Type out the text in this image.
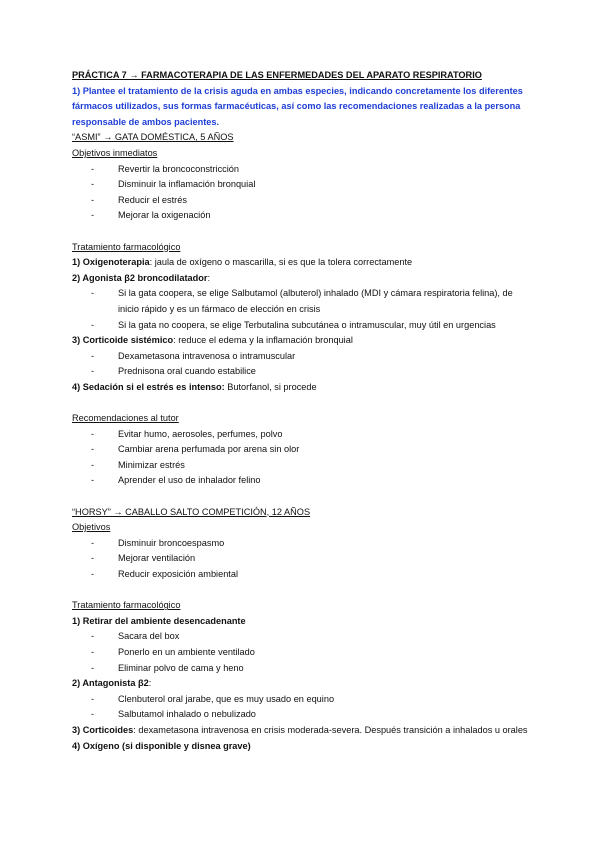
PRÁCTICA 7 → FARMACOTERAPIA DE LAS ENFERMEDADES DEL APARATO RESPIRATORIO
1) Plantee el tratamiento de la crisis aguda en ambas especies, indicando concretamente los diferentes fármacos utilizados, sus formas farmacéuticas, así como las recomendaciones realizadas a la persona responsable de ambos pacientes.
“ASMI” → GATA DOMÉSTICA, 5 AÑOS
Objetivos inmediatos
-	Revertir la broncoconstricción
-	Disminuir la inflamación bronquial
-	Reducir el estrés
-	Mejorar la oxigenación
Tratamiento farmacológico
1) Oxigenoterapia: jaula de oxígeno o mascarilla, si es que la tolera correctamente
2) Agonista β2 broncodilatador:
-	Si la gata coopera, se elige Salbutamol (albuterol) inhalado (MDI y cámara respiratoria felina), de inicio rápido y es un fármaco de elección en crisis
-	Si la gata no coopera, se elige Terbutalina subcutánea o intramuscular, muy útil en urgencias
3) Corticoide sistémico: reduce el edema y la inflamación bronquial
-	Dexametasona intravenosa o intramuscular
-	Prednisona oral cuando estabilice
4) Sedación si el estrés es intenso: Butorfanol, si procede
Recomendaciones al tutor
-	Evitar humo, aerosoles, perfumes, polvo
-	Cambiar arena perfumada por arena sin olor
-	Minimizar estrés
-	Aprender el uso de inhalador felino
“HORSY” → CABALLO SALTO COMPETICIÓN, 12 AÑOS
Objetivos
-	Disminuir broncoespasmo
-	Mejorar ventilación
-	Reducir exposición ambiental
Tratamiento farmacológico
1) Retirar del ambiente desencadenante
-	Sacara del box
-	Ponerlo en un ambiente ventilado
-	Eliminar polvo de cama y heno
2) Antagonista β2:
-	Clenbuterol oral jarabe, que es muy usado en equino
-	Salbutamol inhalado o nebulizado
3) Corticoides: dexametasona intravenosa en crisis moderada-severa. Después transición a inhalados u orales
4) Oxígeno (si disponible y disnea grave)
